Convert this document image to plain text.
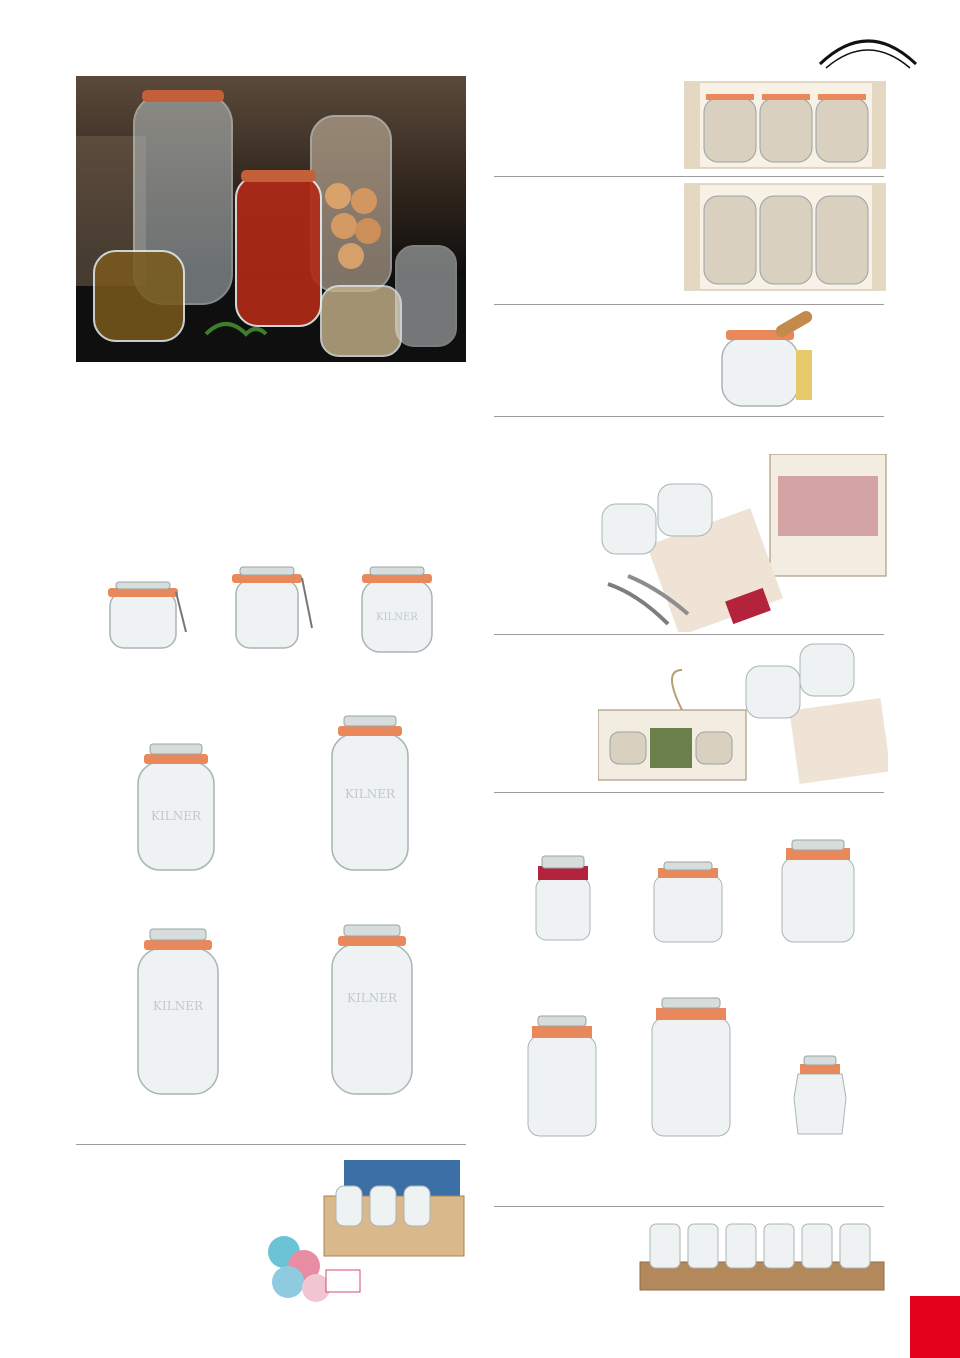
KILNER
KILNER
KILNER
KILNER
KILNER
